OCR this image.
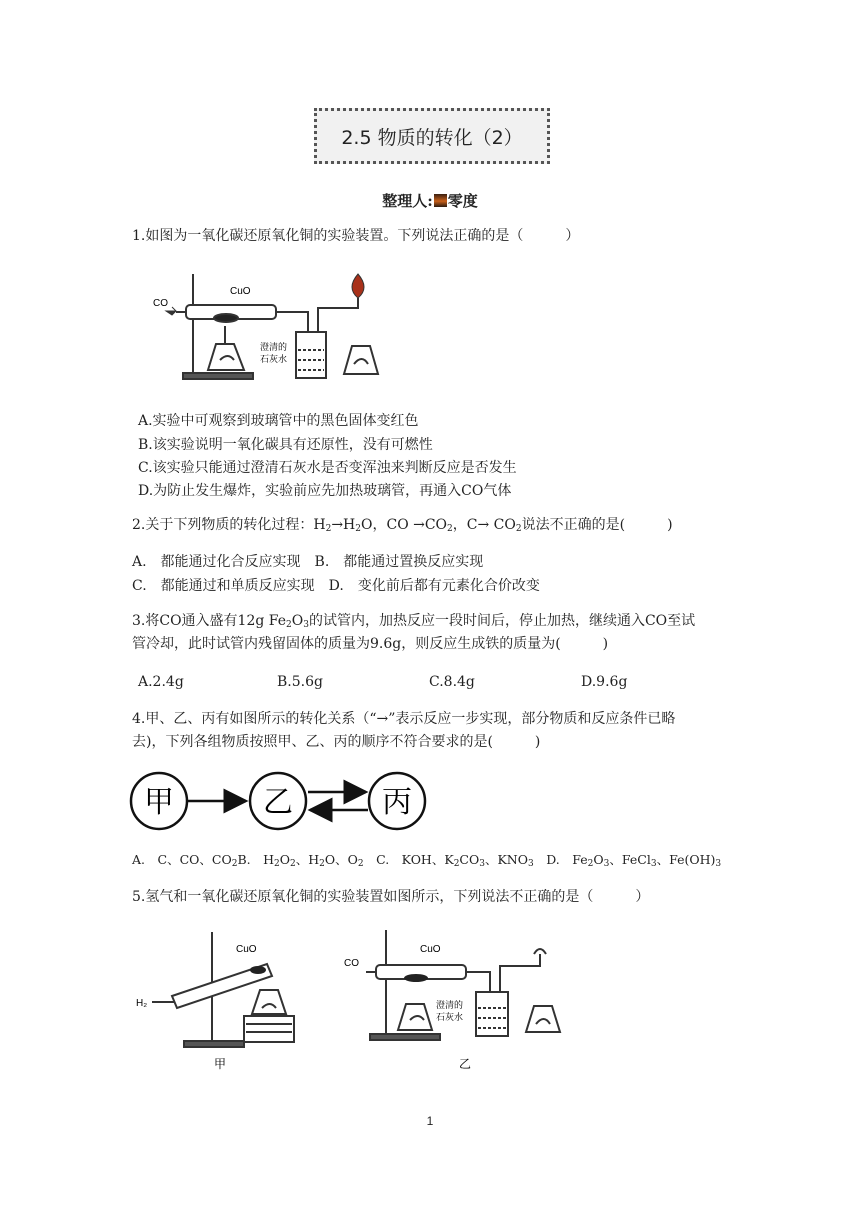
2.5 物质的转化（2）
整理人: 零度
1.如图为一氧化碳还原氧化铜的实验装置。下列说法正确的是（　　　）
CO
CuO
澄清的
石灰水
A.实验中可观察到玻璃管中的黑色固体变红色
B.该实验说明一氧化碳具有还原性，没有可燃性
C.该实验只能通过澄清石灰水是否变浑浊来判断反应是否发生
D.为防止发生爆炸，实验前应先加热玻璃管，再通入CO气体
2.关于下列物质的转化过程：$H_2\to H_2O$，CO $\to CO_2$，$C\to CO_2$说法不正确的是(　　　)
A.　都能通过化合反应实现　B.　都能通过置换反应实现
C.　都能通过和单质反应实现　D.　变化前后都有元素化合价改变
3.将CO通入盛有12g $Fe_2O_3$的试管内，加热反应一段时间后，停止加热，继续通入CO至试
管冷却，此时试管内残留固体的质量为9.6g，则反应生成铁的质量为(　　　)
A.2.4g	B.5.6g	C.8.4g	D.9.6g
4.甲、乙、丙有如图所示的转化关系（“→”表示反应一步实现，部分物质和反应条件已略
去)，下列各组物质按照甲、乙、丙的顺序不符合要求的是(　　　)
甲	乙	丙
A.　C、CO、$CO_2B$.　$H_2O_2$、$H_2O$、$O_2$　C.　KOH、$K_2CO_3$、$KNO_3$　D.　$Fe_2O_3$、FeCl$_3$、$Fe(OH)_3$
5.氢气和一氧化碳还原氧化铜的实验装置如图所示，下列说法不正确的是（　　　）
H₂
CuO
甲
CO
CuO
澄清的
石灰水
乙
1
